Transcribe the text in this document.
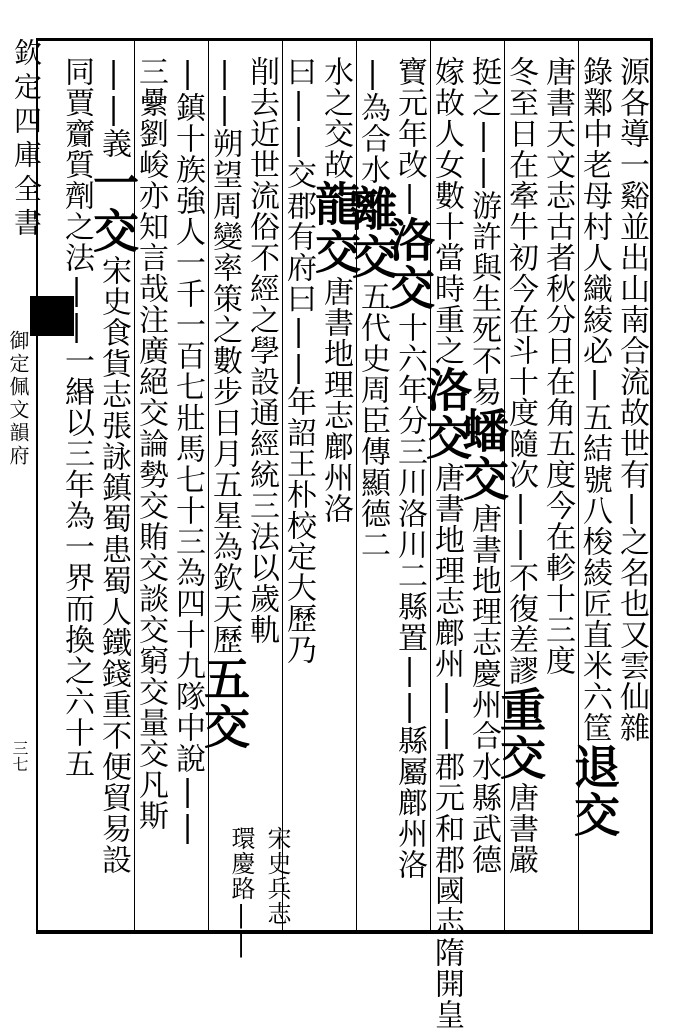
欽定四庫全書
御定佩文韻府
三七
源各導一谿並出山南合流故世有|之名也又雲仙雜
錄鄴中老母村人織綾必|五結號八梭綾匠直米六筐退交
唐書天文志古者秋分日在角五度今在軫十三度
冬至日在牽牛初今在斗十度隨次||不復差謬重交唐書嚴
挺之||游許與生死不易蟠交唐書地理志慶州合水縣武德
嫁故人女數十當時重之洛交唐書地理志鄜州||郡元和郡國志隋開皇
寶元年改|洛交十六年分三川洛川二縣置||縣屬鄜州洛
|為合水離交五代史周臣傳顯德二
水之交故龍交唐書地理志鄜州洛
曰||交郡有府曰||年詔王朴校定大歷乃
削去近世流俗不經之學設通經統三法以歲軌
||朔望周變率策之數步日月五星為欽天歷五交
|鎮十族強人一千一百七壯馬七十三為四十九隊中說||
三纍劉峻亦知言哉注廣絕交論勢交賄交談交窮交量交凡斯
||義一交宋史食貨志張詠鎮蜀患蜀人鐵錢重不便貿易設
同賈齎質劑之法||一緡以三年為一界而換之六十五
宋史兵志
環慶路||
